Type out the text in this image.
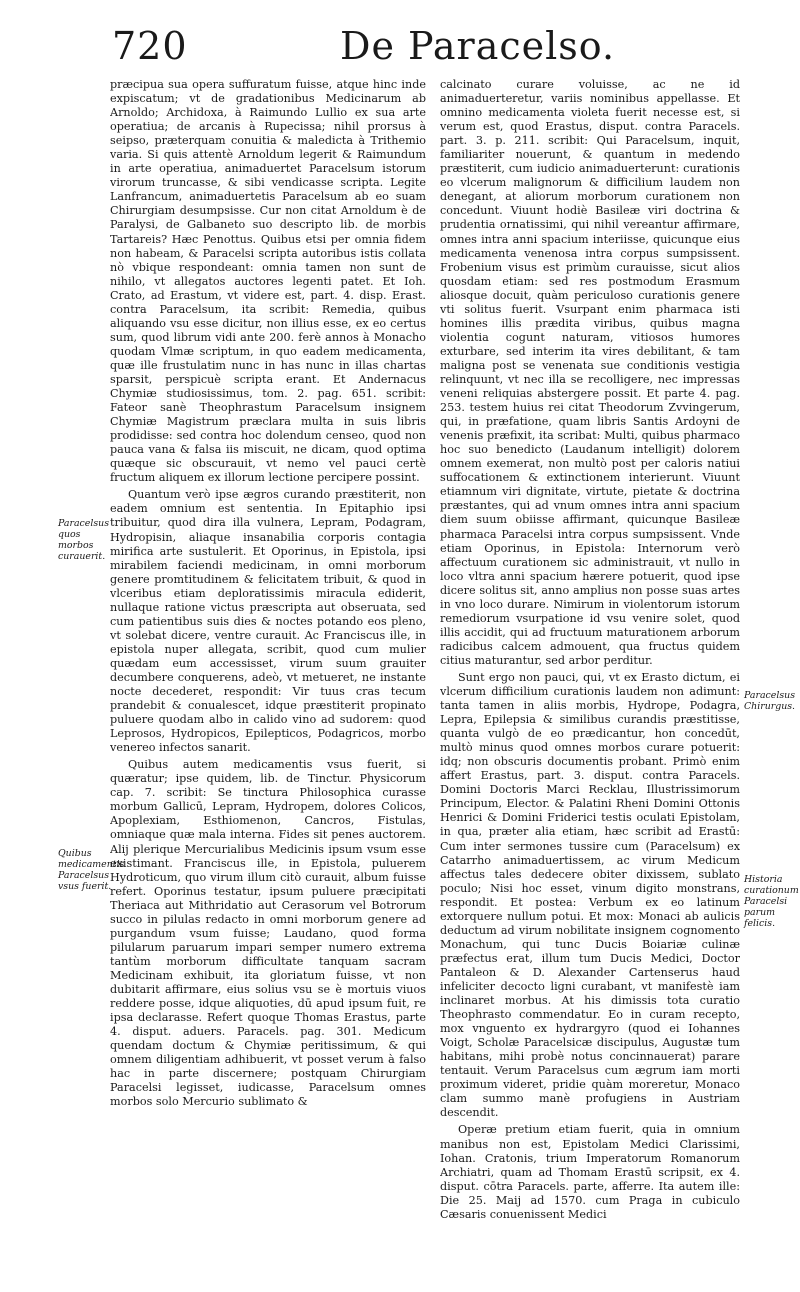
720	De Paracelso.

præcipua sua opera suffuratum fuisse, atque hinc inde expiscatum; vt de gradationibus Medicinarum ab Arnoldo; Archidoxa, à Raimundo Lullio ex sua arte operatiua; de arcanis à Rupecissa; nihil prorsus à seipso, præterquam conuitia & maledicta à Trithemio varia. Si quis attentè Arnoldum legerit & Raimundum in arte operatiua, animaduertet Paracelsum istorum virorum truncasse, & sibi vendicasse scripta. Legite Lanfrancum, animaduertetis Paracelsum ab eo suam Chirurgiam desumpsisse. Cur non citat Arnoldum è de Paralysi, de Galbaneto suo descripto lib. de morbis Tartareis? Hæc Penottus. Quibus etsi per omnia fidem non habeam, & Paracelsi scripta autoribus istis collata nò vbique respondeant: omnia tamen non sunt de nihilo, vt allegatos auctores legenti patet. Et Ioh. Crato, ad Erastum, vt videre est, part. 4. disp. Erast. contra Paracelsum, ita scribit: Remedia, quibus aliquando vsu esse dicitur, non illius esse, ex eo certus sum, quod librum vidi ante 200. ferè annos à Monacho quodam Vlmæ scriptum, in quo eadem medicamenta, quæ ille frustulatim nunc in has nunc in illas chartas sparsit, perspicuè scripta erant. Et Andernacus Chymiæ studiosissimus, tom. 2. pag. 651. scribit: Fateor sanè Theophrastum Paracelsum insignem Chymiæ Magistrum præclara multa in suis libris prodidisse: sed contra hoc dolendum censeo, quod non pauca vana & falsa iis miscuit, ne dicam, quod optima quæque sic obscurauit, vt nemo vel pauci certè fructum aliquem ex illorum lectione percipere possint.

Quantum verò ipse ægros curando præstiterit, non eadem omnium est sententia. In Epitaphio ipsi tribuitur, quod dira illa vulnera, Lepram, Podagram, Hydropisin, aliaque insanabilia corporis contagia mirifica arte sustulerit. Et Oporinus, in Epistola, ipsi mirabilem faciendi medicinam, in omni morborum genere promtitudinem & felicitatem tribuit, & quod in vlceribus etiam deploratissimis miracula ediderit, nullaque ratione victus præscripta aut obseruata, sed cum patientibus suis dies & noctes potando eos pleno, vt solebat dicere, ventre curauit. Ac Franciscus ille, in epistola nuper allegata, scribit, quod cum mulier quædam eum accessisset, virum suum grauiter decumbere conquerens, adeò, vt metueret, ne instante nocte decederet, respondit: Vir tuus cras tecum prandebit & conualescet, idque præstiterit propinato puluere quodam albo in calido vino ad sudorem: quod Leprosos, Hydropicos, Epilepticos, Podagricos, morbo venereo infectos sanarit.

Quibus autem medicamentis vsus fuerit, si quæratur; ipse quidem, lib. de Tinctur. Physicorum cap. 7. scribit: Se tinctura Philosophica curasse morbum Gallicū, Lepram, Hydropem, dolores Colicos, Apoplexiam, Esthiomenon, Cancros, Fistulas, omniaque quæ mala interna. Fides sit penes auctorem. Alij plerique Mercurialibus Medicinis ipsum vsum esse existimant. Franciscus ille, in Epistola, puluerem Hydroticum, quo virum illum citò curauit, album fuisse refert. Oporinus testatur, ipsum puluere præcipitati Theriaca aut Mithridatio aut Cerasorum vel Botrorum succo in pilulas redacto in omni morborum genere ad purgandum vsum fuisse; Laudano, quod forma pilularum paruarum impari semper numero extrema tantùm morborum difficultate tanquam sacram Medicinam exhibuit, ita gloriatum fuisse, vt non dubitarit affirmare, eius solius vsu se è mortuis viuos reddere posse, idque aliquoties, dū apud ipsum fuit, re ipsa declarasse. Refert quoque Thomas Erastus, parte 4. disput. aduers. Paracels. pag. 301. Medicum quendam doctum & Chymiæ peritissimum, & qui omnem diligentiam adhibuerit, vt posset verum à falso hac in parte discernere; postquam Chirurgiam Paracelsi legisset, iudicasse, Paracelsum omnes morbos solo Mercurio sublimato &

calcinato curare voluisse, ac ne id animaduerteretur, variis nominibus appellasse. Et omnino medicamenta violeta fuerit necesse est, si verum est, quod Erastus, disput. contra Paracels. part. 3. p. 211. scribit: Qui Paracelsum, inquit, familiariter nouerunt, & quantum in medendo præstiterit, cum iudicio animaduerterunt: curationis eo vlcerum malignorum & difficilium laudem non denegant, at aliorum morborum curationem non concedunt. Viuunt hodiè Basileæ viri doctrina & prudentia ornatissimi, qui nihil vereantur affirmare, omnes intra anni spacium interiisse, quicunque eius medicamenta venenosa intra corpus sumpsissent. Frobenium visus est primùm curauisse, sicut alios quosdam etiam: sed res postmodum Erasmum aliosque docuit, quàm periculoso curationis genere vti solitus fuerit. Vsurpant enim pharmaca isti homines illis prædita viribus, quibus magna violentia cogunt naturam, vitiosos humores exturbare, sed interim ita vires debilitant, & tam maligna post se venenata sue conditionis vestigia relinquunt, vt nec illa se recolligere, nec impressas veneni reliquias abstergere possit. Et parte 4. pag. 253. testem huius rei citat Theodorum Zvvingerum, qui, in præfatione, quam libris Santis Ardoyni de venenis præfixit, ita scribat: Multi, quibus pharmaco hoc suo benedicto (Laudanum intelligit) dolorem omnem exemerat, non multò post per caloris natiui suffocationem & extinctionem interierunt. Viuunt etiamnum viri dignitate, virtute, pietate & doctrina præstantes, qui ad vnum omnes intra anni spacium diem suum obiisse affirmant, quicunque Basileæ pharmaca Paracelsi intra corpus sumpsissent. Vnde etiam Oporinus, in Epistola: Internorum verò affectuum curationem sic administrauit, vt nullo in loco vltra anni spacium hærere potuerit, quod ipse dicere solitus sit, anno amplius non posse suas artes in vno loco durare. Nimirum in violentorum istorum remediorum vsurpatione id vsu venire solet, quod illis accidit, qui ad fructuum maturationem arborum radicibus calcem admouent, qua fructus quidem citius maturantur, sed arbor perditur.

Sunt ergo non pauci, qui, vt ex Erasto dictum, ei vlcerum difficilium curationis laudem non adimunt: tanta tamen in aliis morbis, Hydrope, Podagra, Lepra, Epilepsia & similibus curandis præstitisse, quanta vulgò de eo prædicantur, hon concedūt, multò minus quod omnes morbos curare potuerit: idq; non obscuris documentis probant. Primò enim affert Erastus, part. 3. disput. contra Paracels. Domini Doctoris Marci Recklau, Illustrissimorum Principum, Elector. & Palatini Rheni Domini Ottonis Henrici & Domini Friderici testis oculati Epistolam, in qua, præter alia etiam, hæc scribit ad Erastū: Cum inter sermones tussire cum (Paracelsum) ex Catarrho animaduertissem, ac virum Medicum affectus tales dedecere obiter dixissem, sublato poculo; Nisi hoc esset, vinum digito monstrans, respondit. Et postea: Verbum ex eo latinum extorquere nullum potui. Et mox: Monaci ab aulicis deductum ad virum nobilitate insignem cognomento Monachum, qui tunc Ducis Boiariæ culinæ præfectus erat, illum tum Ducis Medici, Doctor Pantaleon & D. Alexander Cartenserus haud infeliciter decocto ligni curabant, vt manifestè iam inclinaret morbus. At his dimissis tota curatio Theophrasto commendatur. Eo in curam recepto, mox vnguento ex hydrargyro (quod ei Iohannes Voigt, Scholæ Paracelsicæ discipulus, Augustæ tum habitans, mihi probè notus concinnauerat) parare tentauit. Verum Paracelsus cum ægrum iam morti proximum videret, pridie quàm moreretur, Monaco clam summo manè profugiens in Austriam descendit.

Operæ pretium etiam fuerit, quia in omnium manibus non est, Epistolam Medici Clarissimi, Iohan. Cratonis, trium Imperatorum Romanorum Archiatri, quam ad Thomam Erastū scripsit, ex 4. disput. cōtra Paracels. parte, afferre. Ita autem ille: Die 25. Maij ad 1570. cum Praga in cubiculo Cæsaris conuenissent Medici

Paracelsus quos morbos curauerit.
Quibus medicamentis Paracelsus vsus fuerit.
Paracelsus Chirurgus.
Historia curationum Paracelsi parum felicis.
